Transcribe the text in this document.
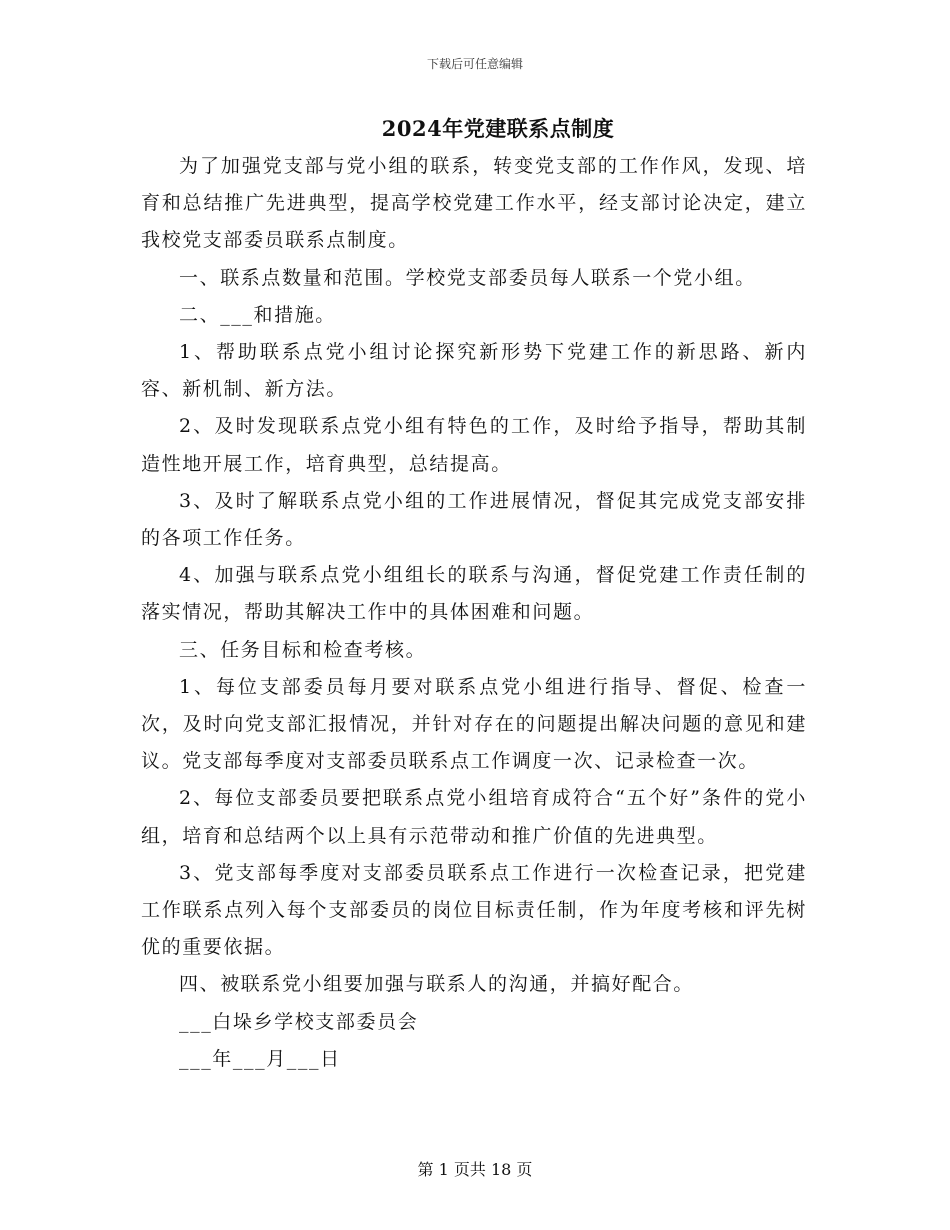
下载后可任意编辑
2024年党建联系点制度

为了加强党支部与党小组的联系，转变党支部的工作作风，发现、培育和总结推广先进典型，提高学校党建工作水平，经支部讨论决定，建立我校党支部委员联系点制度。

一、联系点数量和范围。学校党支部委员每人联系一个党小组。

二、___和措施。

1、帮助联系点党小组讨论探究新形势下党建工作的新思路、新内容、新机制、新方法。

2、及时发现联系点党小组有特色的工作，及时给予指导，帮助其制造性地开展工作，培育典型，总结提高。

3、及时了解联系点党小组的工作进展情况，督促其完成党支部安排的各项工作任务。

4、加强与联系点党小组组长的联系与沟通，督促党建工作责任制的落实情况，帮助其解决工作中的具体困难和问题。

三、任务目标和检查考核。

1、每位支部委员每月要对联系点党小组进行指导、督促、检查一次，及时向党支部汇报情况，并针对存在的问题提出解决问题的意见和建议。党支部每季度对支部委员联系点工作调度一次、记录检查一次。

2、每位支部委员要把联系点党小组培育成符合“五个好”条件的党小组，培育和总结两个以上具有示范带动和推广价值的先进典型。

3、党支部每季度对支部委员联系点工作进行一次检查记录，把党建工作联系点列入每个支部委员的岗位目标责任制，作为年度考核和评先树优的重要依据。

四、被联系党小组要加强与联系人的沟通，并搞好配合。

___白垛乡学校支部委员会

___年___月___日

第 1 页共 18 页
